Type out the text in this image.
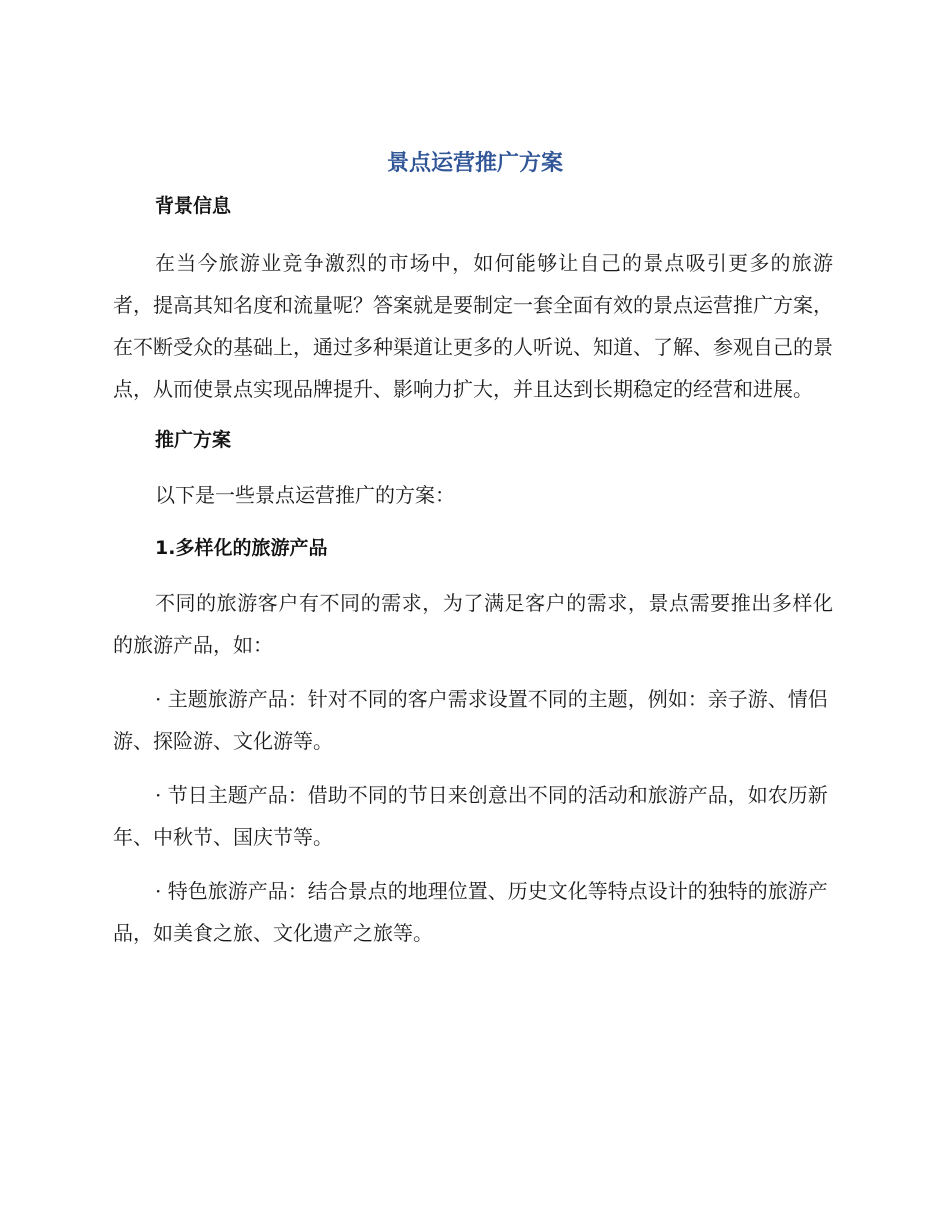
景点运营推广方案

背景信息

在当今旅游业竞争激烈的市场中，如何能够让自己的景点吸引更多的旅游者，提高其知名度和流量呢？答案就是要制定一套全面有效的景点运营推广方案，在不断受众的基础上，通过多种渠道让更多的人听说、知道、了解、参观自己的景点，从而使景点实现品牌提升、影响力扩大，并且达到长期稳定的经营和进展。

推广方案

以下是一些景点运营推广的方案：

1.多样化的旅游产品

不同的旅游客户有不同的需求，为了满足客户的需求，景点需要推出多样化的旅游产品，如：

· 主题旅游产品：针对不同的客户需求设置不同的主题，例如：亲子游、情侣游、探险游、文化游等。

· 节日主题产品：借助不同的节日来创意出不同的活动和旅游产品，如农历新年、中秋节、国庆节等。

· 特色旅游产品：结合景点的地理位置、历史文化等特点设计的独特的旅游产品，如美食之旅、文化遗产之旅等。
